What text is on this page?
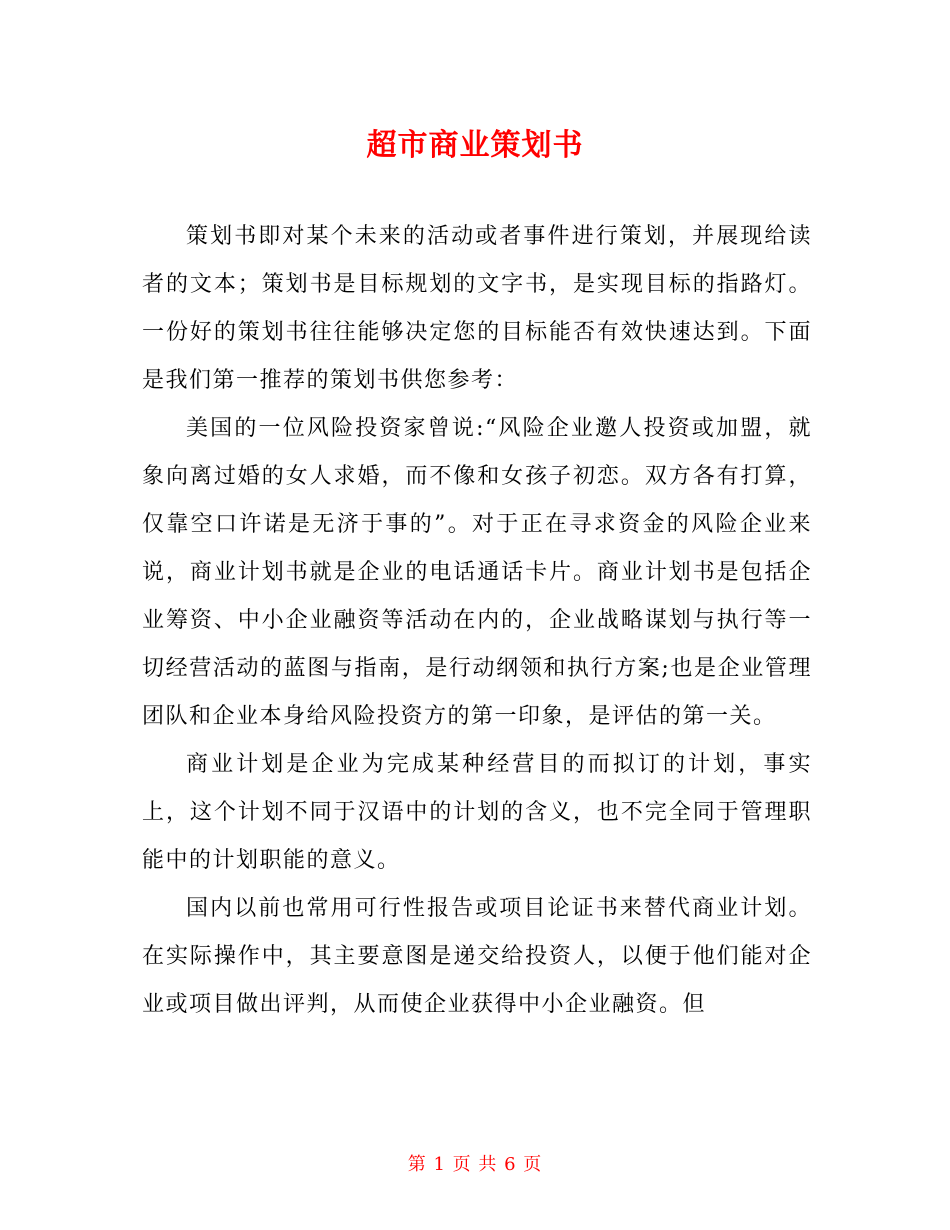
超市商业策划书

策划书即对某个未来的活动或者事件进行策划，并展现给读者的文本；策划书是目标规划的文字书，是实现目标的指路灯。一份好的策划书往往能够决定您的目标能否有效快速达到。下面是我们第一推荐的策划书供您参考：

美国的一位风险投资家曾说:“风险企业邀人投资或加盟，就象向离过婚的女人求婚，而不像和女孩子初恋。双方各有打算，仅靠空口许诺是无济于事的”。对于正在寻求资金的风险企业来说，商业计划书就是企业的电话通话卡片。商业计划书是包括企业筹资、中小企业融资等活动在内的，企业战略谋划与执行等一切经营活动的蓝图与指南，是行动纲领和执行方案;也是企业管理团队和企业本身给风险投资方的第一印象，是评估的第一关。

商业计划是企业为完成某种经营目的而拟订的计划，事实上，这个计划不同于汉语中的计划的含义，也不完全同于管理职能中的计划职能的意义。

国内以前也常用可行性报告或项目论证书来替代商业计划。在实际操作中，其主要意图是递交给投资人，以便于他们能对企业或项目做出评判，从而使企业获得中小企业融资。但

第 1 页 共 6 页
